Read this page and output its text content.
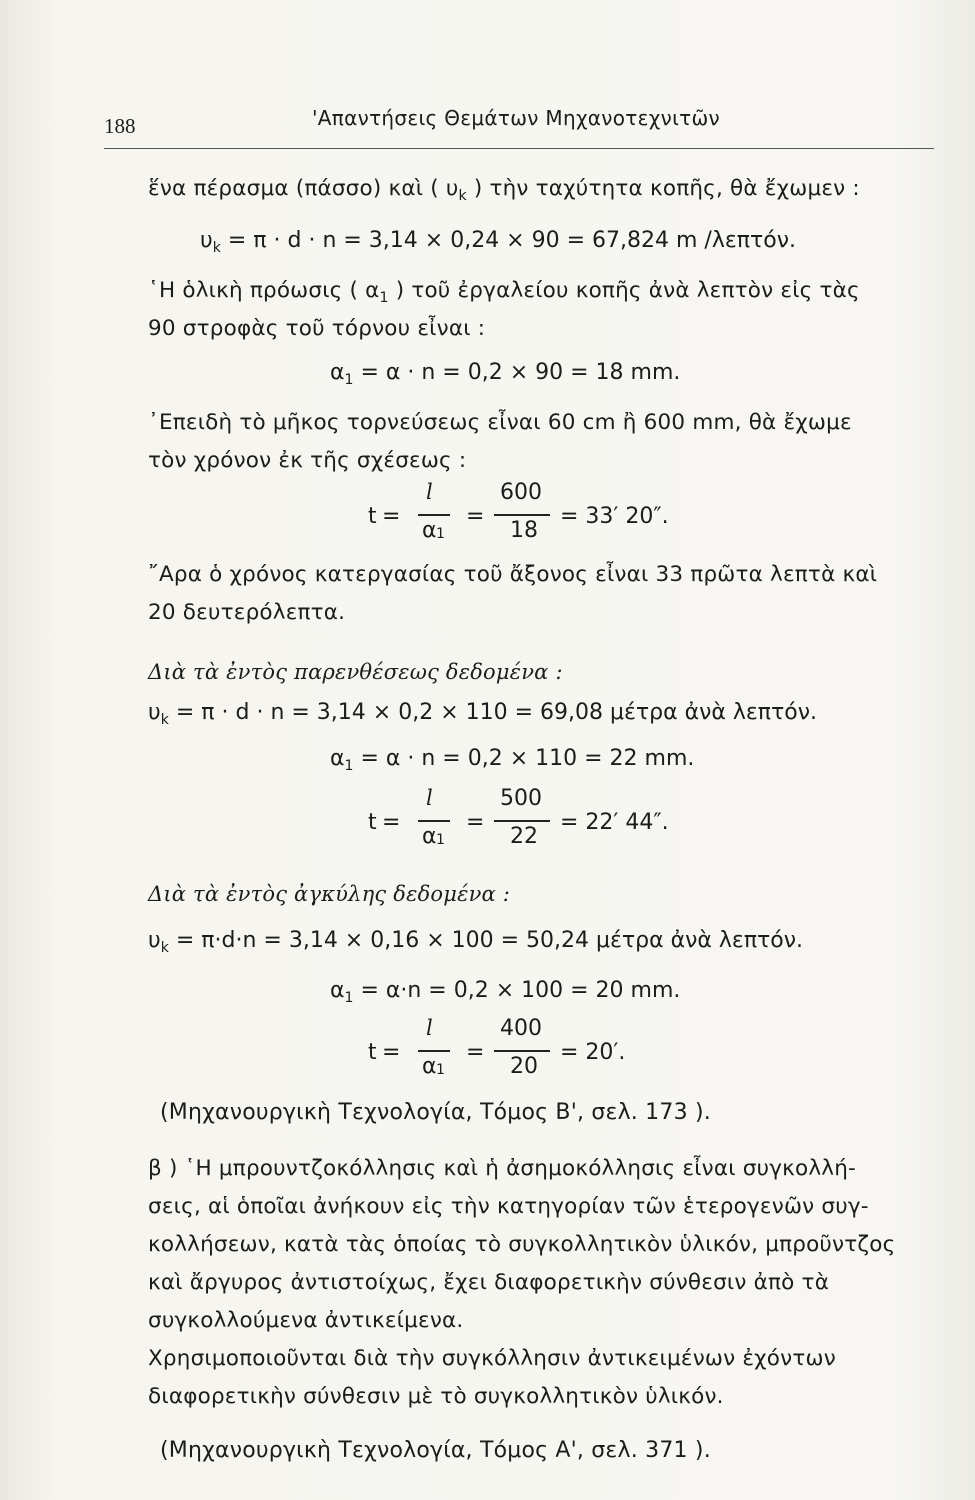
188	'Απαντήσεις Θεμάτων Μηχανοτεχνιτῶν
ἕνα πέρασμα (πάσσο) καὶ ( $\upsilon_k$ ) τὴν ταχύτητα κοπῆς, θὰ ἔχωμεν :
$\upsilon_k = \pi \cdot d \cdot n = 3,14 \times 0,24 \times 90 = 67,824$ m /λεπτόν.
῾Η ὁλικὴ πρόωσις ( $\alpha_1$ ) τοῦ ἐργαλείου κοπῆς ἀνὰ λεπτὸν εἰς τὰς
90 στροφὰς τοῦ τόρνου εἶναι :
$\alpha_1 = \alpha \cdot n = 0,2 \times 90 = 18$ mm.
᾿Επειδὴ τὸ μῆκος τορνεύσεως εἶναι 60 cm ἢ 600 mm, θὰ ἔχωμε
τὸν χρόνον ἐκ τῆς σχέσεως :
t =
l
α 1
=
600
18
= 33′ 20″.
῎Αρα ὁ χρόνος κατεργασίας τοῦ ἄξονος εἶναι 33 πρῶτα λεπτὰ καὶ
20 δευτερόλεπτα.
Διὰ τὰ ἐντὸς παρενθέσεως δεδομένα :
$\upsilon_k = \pi \cdot d \cdot n = 3,14 \times 0,2 \times 110 = 69,08$ μέτρα ἀνὰ λεπτόν.
$\alpha_1 = \alpha \cdot n = 0,2 \times 110 = 22$ mm.
t =
l
α 1
=
500
22
= 22′ 44″.
Διὰ τὰ ἐντὸς ἀγκύλης δεδομένα :
$\upsilon_k = \pi\cdot d\cdot n = 3,14 \times 0,16 \times 100 = 50,24$ μέτρα ἀνὰ λεπτόν.
$\alpha_1 = \alpha\cdot n = 0,2 \times 100 = 20$ mm.
t =
l
α 1
=
400
20
= 20′.
(Μηχανουργικὴ Τεχνολογία, Τόμος Β', σελ. 173 ).
β ) ῾Η μπρουντζοκόλλησις καὶ ἡ ἀσημοκόλλησις εἶναι συγκολλή-
σεις, αἱ ὁποῖαι ἀνήκουν εἰς τὴν κατηγορίαν τῶν ἑτερογενῶν συγ-
κολλήσεων, κατὰ τὰς ὁποίας τὸ συγκολλητικὸν ὑλικόν, μπροῦντζος
καὶ ἄργυρος ἀντιστοίχως, ἔχει διαφορετικὴν σύνθεσιν ἀπὸ τὰ
συγκολλούμενα ἀντικείμενα.
Χρησιμοποιοῦνται διὰ τὴν συγκόλλησιν ἀντικειμένων ἐχόντων
διαφορετικὴν σύνθεσιν μὲ τὸ συγκολλητικὸν ὑλικόν.
(Μηχανουργικὴ Τεχνολογία, Τόμος Α', σελ. 371 ).
